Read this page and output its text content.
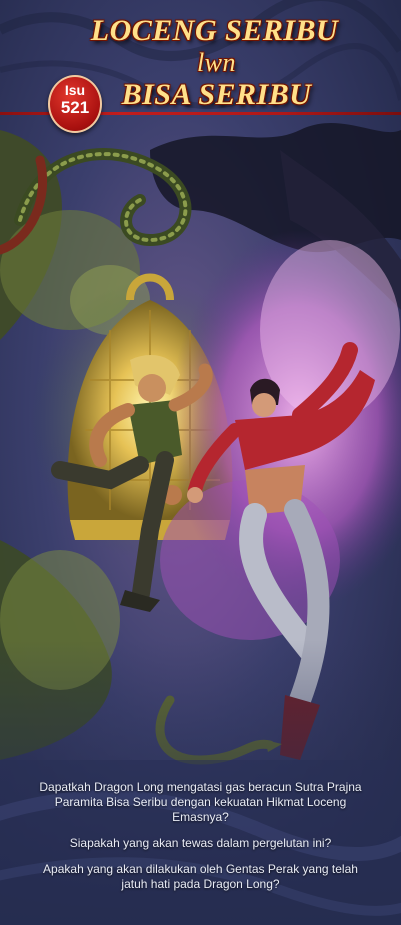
LOCENG SERIBU
lwn
BISA SERIBU
Isu
521

Dapatkah Dragon Long mengatasi gas beracun Sutra Prajna Paramita Bisa Seribu dengan kekuatan Hikmat Loceng Emasnya?

Siapakah yang akan tewas dalam pergelutan ini?

Apakah yang akan dilakukan oleh Gentas Perak yang telah jatuh hati pada Dragon Long?
